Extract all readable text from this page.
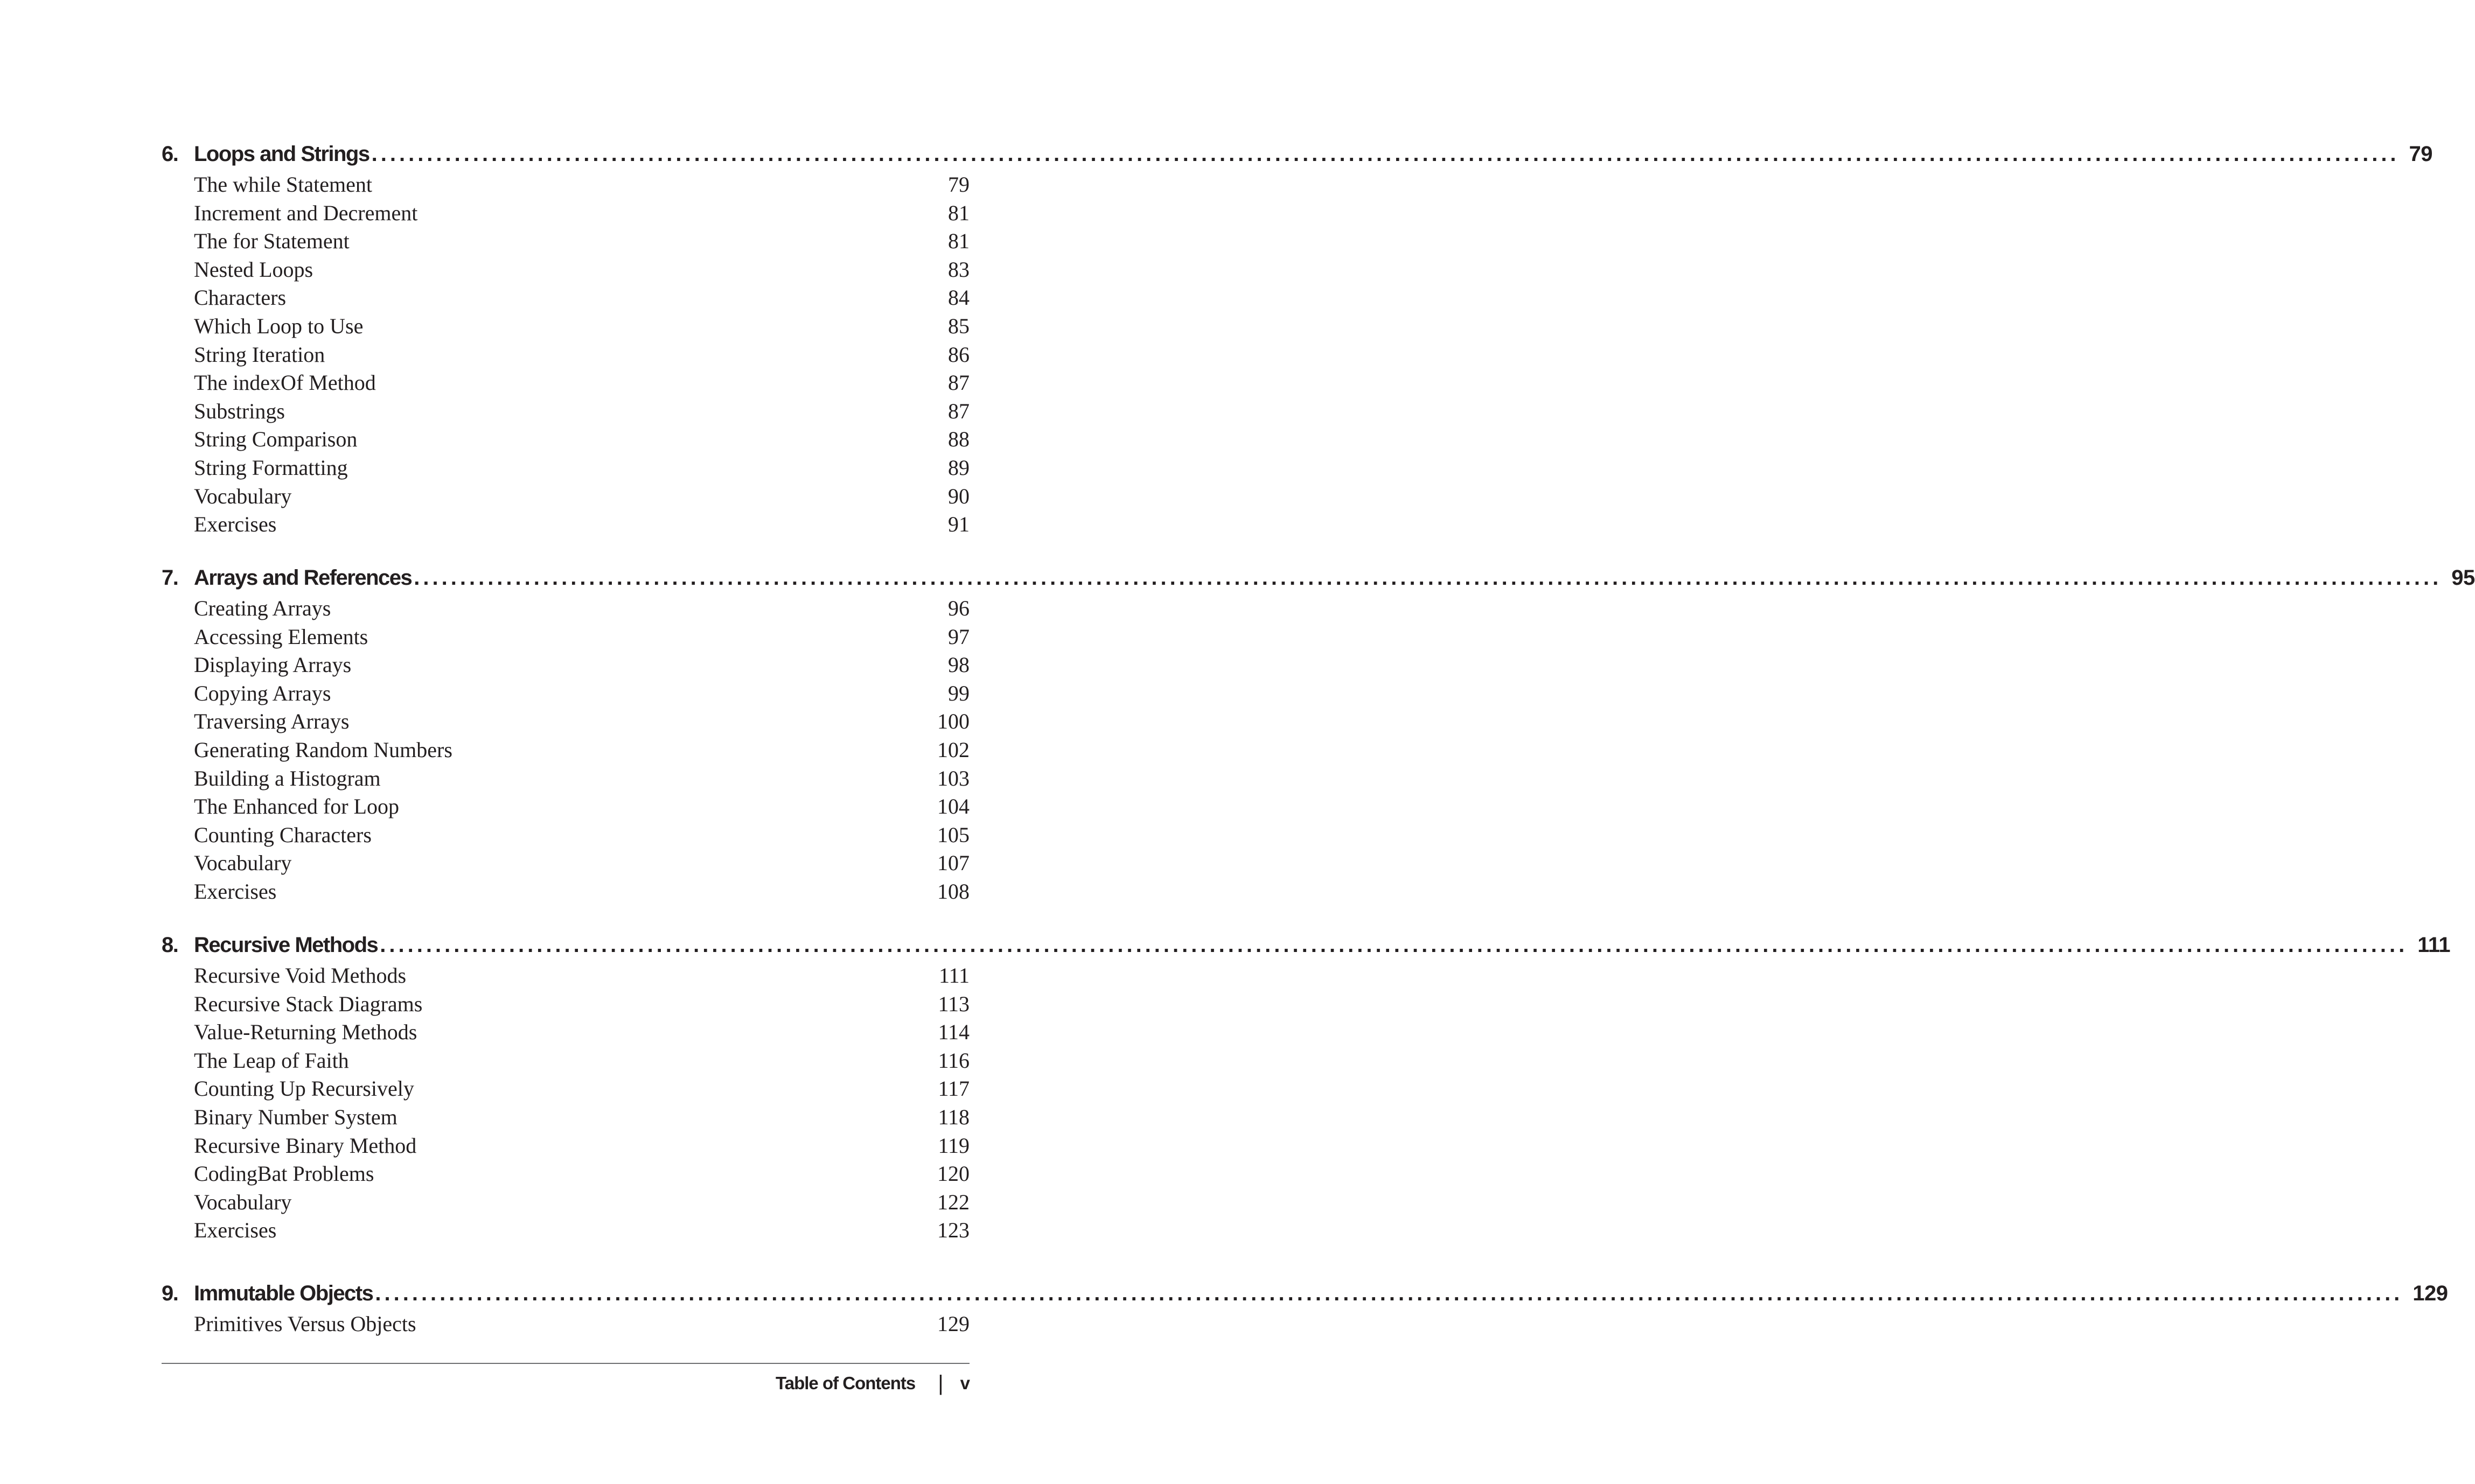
6. Loops and Strings ............................................................................................................................................................................................................................ 79
The while Statement	79
Increment and Decrement	81
The for Statement	81
Nested Loops	83
Characters	84
Which Loop to Use	85
String Iteration	86
The indexOf Method	87
Substrings	87
String Comparison	88
String Formatting	89
Vocabulary	90
Exercises	91
7. Arrays and References ............................................................................................................................................................................................................................ 95
Creating Arrays	96
Accessing Elements	97
Displaying Arrays	98
Copying Arrays	99
Traversing Arrays	100
Generating Random Numbers	102
Building a Histogram	103
The Enhanced for Loop	104
Counting Characters	105
Vocabulary	107
Exercises	108
8. Recursive Methods ............................................................................................................................................................................................................................ 111
Recursive Void Methods	111
Recursive Stack Diagrams	113
Value-Returning Methods	114
The Leap of Faith	116
Counting Up Recursively	117
Binary Number System	118
Recursive Binary Method	119
CodingBat Problems	120
Vocabulary	122
Exercises	123
9. Immutable Objects ............................................................................................................................................................................................................................ 129
Primitives Versus Objects	129
Table of Contents | v
